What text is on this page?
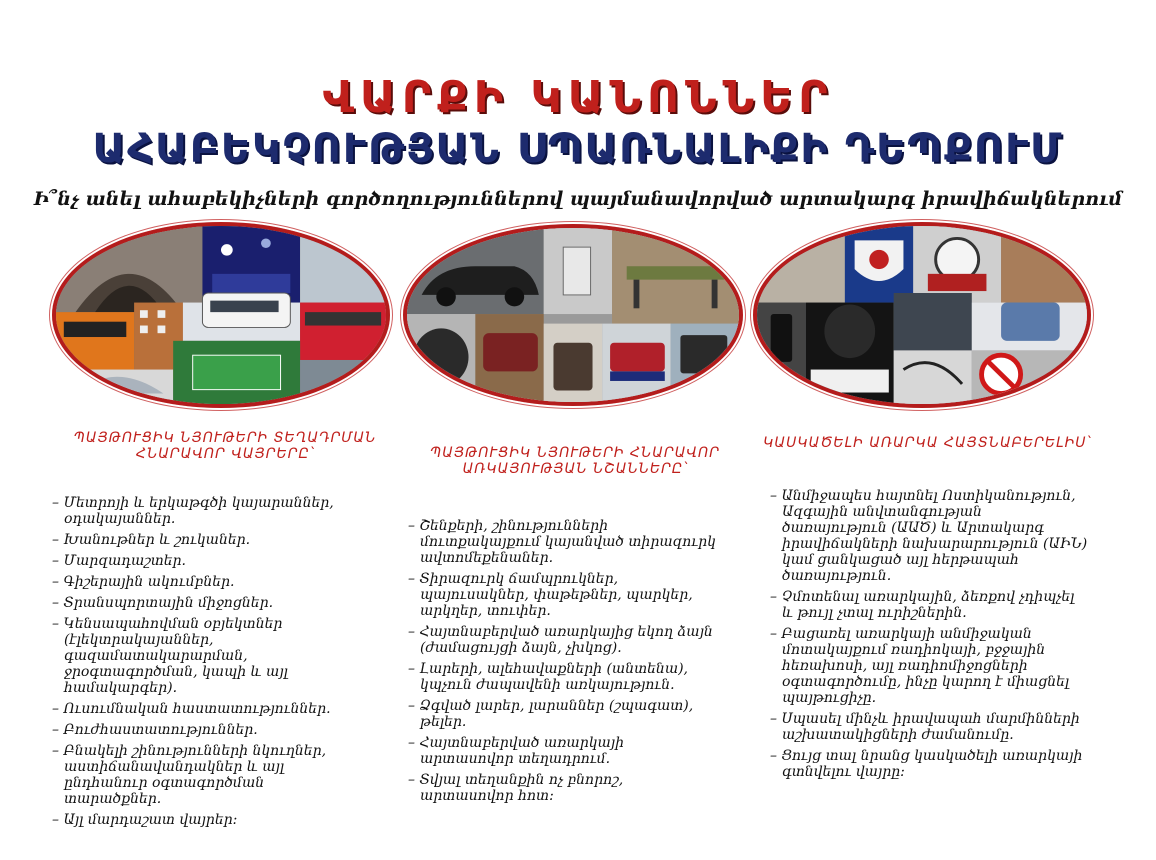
ՎԱՐՔԻ ԿԱՆՈՆՆԵՐ
ԱՀԱԲԵԿՉՈՒԹՅԱՆ ՍՊԱՌՆԱԼԻՔԻ ԴԵՊՔՈՒՄ
Ի՞նչ անել ահաբեկիչների գործողություններով պայմանավորված արտակարգ իրավիճակներում
ՊԱՅԹՈՒՑԻԿ ՆՅՈՒԹԵՐԻ ՏԵՂԱԴՐՄԱՆ ՀՆԱՐԱՎՈՐ ՎԱՅՐԵՐԸ՝
– Մետրոյի և երկաթգծի կայարաններ, օդակայաններ.
– Խանութներ և շուկաներ.
– Մարզադաշտեր.
– Գիշերային ակումբներ.
– Տրանսպորտային միջոցներ.
– Կենսապահովման օբյեկտներ (էլեկտրակայաններ, գազամատակարարման, ջրօգտագործման, կապի և այլ համակարգեր).
– Ուսումնական հաստատություններ.
– Բուժհաստատություններ.
– Բնակելի շինությունների նկուղներ, աստիճանավանդակներ և այլ ընդհանուր օգտագործման տարածքներ.
– Այլ մարդաշատ վայրեր:
ՊԱՅԹՈՒՑԻԿ ՆՅՈՒԹԵՐԻ ՀՆԱՐԱՎՈՐ ԱՌԿԱՅՈՒԹՅԱՆ ՆՇԱՆՆԵՐԸ՝
– Շենքերի, շինությունների մուտքակայքում կայանված տիրազուրկ ավտոմեքենաներ.
– Տիրազուրկ ճամպրուկներ, պայուսակներ, փաթեթներ, պարկեր, արկղեր, տուփեր.
– Հայտնաբերված առարկայից եկող ձայն (ժամացույցի ձայն, չխկոց).
– Լարերի, ալեհավաքների (անտենա), կպչուն ժապավենի առկայություն.
– Ձգված լարեր, լարաններ (շպագատ), թելեր.
– Հայտնաբերված առարկայի արտասովոր տեղադրում.
– Տվյալ տեղանքին ոչ բնորոշ, արտասովոր հոտ:
ԿԱՍԿԱԾԵԼԻ ԱՌԱՐԿԱ ՀԱՅՏՆԱԲԵՐԵԼԻՍ՝
– Անմիջապես հայտնել Ոստիկանություն, Ազգային անվտանգության ծառայություն (ԱԱԾ) և Արտակարգ իրավիճակների նախարարություն (ԱԻՆ) կամ ցանկացած այլ հերթապահ ծառայություն.
– Չմոտենալ առարկային, ձեռքով չդիպչել և թույլ չտալ ուրիշներին.
– Բացառել առարկայի անմիջական մոտակայքում ռադիոկայի, բջջային հեռախոսի, այլ ռադիոմիջոցների օգտագործումը, ինչը կարող է միացնել պայթուցիչը.
– Սպասել մինչև իրավապահ մարմինների աշխատակիցների ժամանումը.
– Ցույց տալ նրանց կասկածելի առարկայի գտնվելու վայրը:
